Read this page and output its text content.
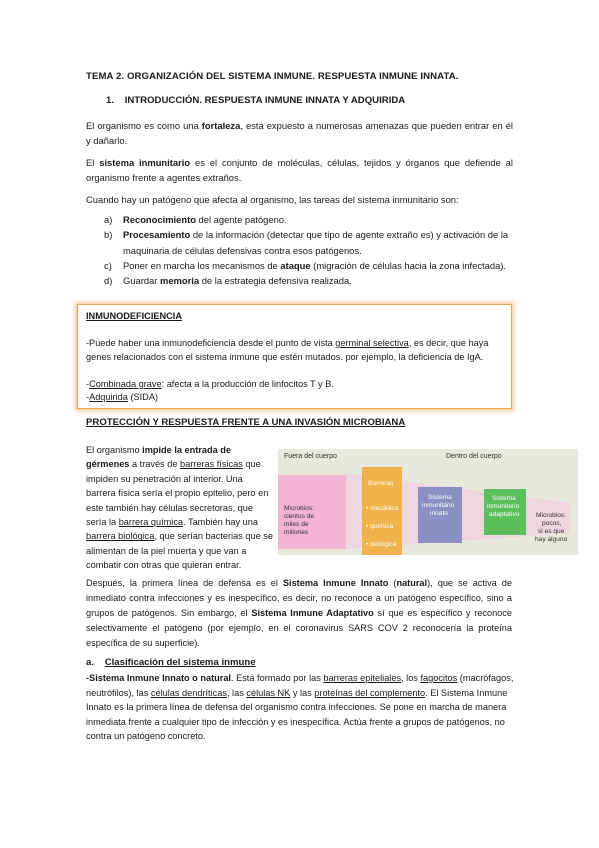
TEMA 2. ORGANIZACIÓN DEL SISTEMA INMUNE. RESPUESTA INMUNE INNATA.
1. INTRODUCCIÓN. RESPUESTA INMUNE INNATA Y ADQUIRIDA
El organismo es como una fortaleza, está expuesto a numerosas amenazas que pueden entrar en él y dañarlo.
El sistema inmunitario es el conjunto de moléculas, células, tejidos y órganos que defiende al organismo frente a agentes extraños.
Cuando hay un patógeno que afecta al organismo, las tareas del sistema inmunitario son:
a) Reconocimiento del agente patógeno.
b) Procesamiento de la información (detectar que tipo de agente extraño es) y activación de la maquinaria de células defensivas contra esos patógenos.
c) Poner en marcha los mecanismos de ataque (migración de células hacia la zona infectada).
d) Guardar memoria de la estrategia defensiva realizada.
INMUNODEFICIENCIA
-Puede haber una inmunodeficiencia desde el punto de vista germinal selectiva, es decir, que haya genes relacionados con el sistema inmune que estén mutados. por ejemplo, la deficiencia de IgA.
-Combinada grave: afecta a la producción de linfocitos T y B.
-Adquirida (SIDA)
PROTECCIÓN Y RESPUESTA FRENTE A UNA INVASIÓN MICROBIANA
El organismo impide la entrada de gérmenes a través de barreras físicas que impiden su penetración al interior. Una barrera física sería el propio epitelio, pero en este también hay células secretoras, que sería la barrera química. También hay una barrera biológica, que serían bacterias que se alimentan de la piel muerta y que van a combatir con otras que quieran entrar.
Fuera del cuerpo	Dentro del cuerpo
Microbios:
cientos de
miles de
millones
Barreras
• mecánica
• química
• biológica
Sistema
inmunitario
innato
Sistema
inmunitario
adaptativo	Microbios:
pocos,
si es que
hay alguno
Después, la primera línea de defensa es el Sistema Inmune Innato (natural), que se activa de inmediato contra infecciones y es inespecífico, es decir, no reconoce a un patógeno específico, sino a grupos de patógenos. Sin embargo, el Sistema Inmune Adaptativo sí que es específico y reconoce selectivamente el patógeno (por ejemplo, en el coronavirus SARS COV 2 reconocería la proteína específica de su superficie).
a. Clasificación del sistema inmune
-Sistema Inmune Innato o natural. Está formado por las barreras epiteliales, los fagocitos (macrófagos, neutrófilos), las células dendríticas, las células NK y las proteínas del complemento. El Sistema Inmune Innato es la primera línea de defensa del organismo contra infecciones. Se pone en marcha de manera inmediata frente a cualquier tipo de infección y es inespecífica. Actúa frente a grupos de patógenos, no contra un patógeno concreto.
